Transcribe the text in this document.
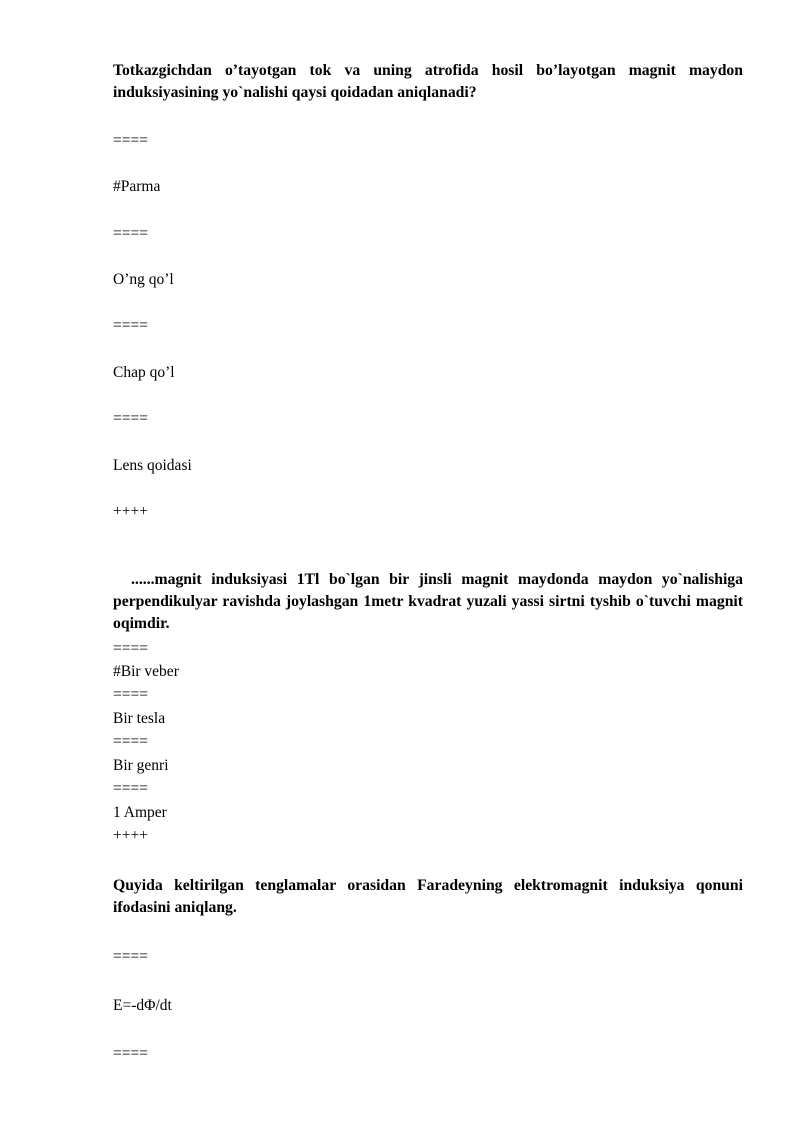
Totkazgichdan o’tayotgan tok va uning atrofida hosil bo’layotgan magnit maydon induksiyasining yo`nalishi qaysi qoidadan aniqlanadi?

====

#Parma

====

O’ng qo’l

====

Chap qo’l

====

Lens qoidasi

++++

......magnit induksiyasi 1Tl bo`lgan bir jinsli magnit maydonda maydon yo`nalishiga perpendikulyar ravishda joylashgan 1metr kvadrat yuzali yassi sirtni tyshib o`tuvchi magnit oqimdir.

====

#Bir veber

====

Bir tesla

====

Bir genri

====

1 Amper

++++

Quyida keltirilgan tenglamalar orasidan Faradeyning elektromagnit induksiya qonuni ifodasini aniqlang.

====

E=-dΦ/dt

====
